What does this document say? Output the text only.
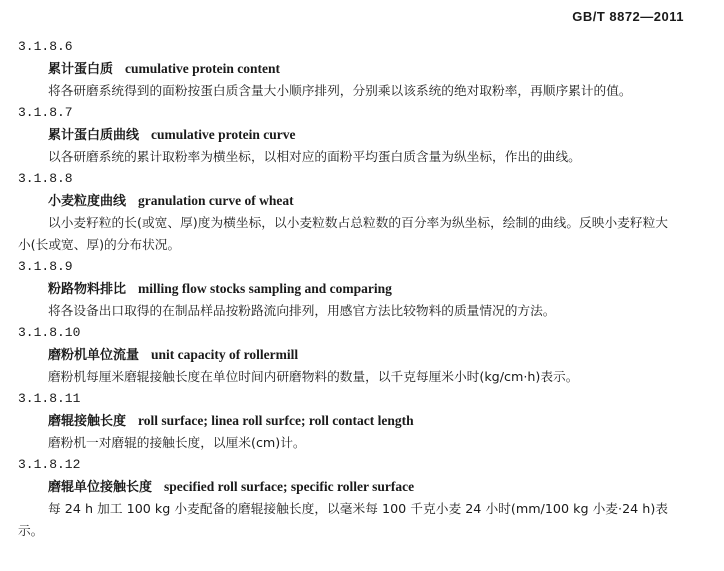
GB/T 8872—2011
3.1.8.6
累计蛋白质 cumulative protein content

将各研磨系统得到的面粉按蛋白质含量大小顺序排列，分别乘以该系统的绝对取粉率，再顺序累计的值。

3.1.8.7
累计蛋白质曲线 cumulative protein curve

以各研磨系统的累计取粉率为横坐标，以相对应的面粉平均蛋白质含量为纵坐标，作出的曲线。

3.1.8.8
小麦粒度曲线 granulation curve of wheat

以小麦籽粒的长(或宽、厚)度为横坐标，以小麦粒数占总粒数的百分率为纵坐标，绘制的曲线。反映小麦籽粒大小(长或宽、厚)的分布状况。

3.1.8.9
粉路物料排比 milling flow stocks sampling and comparing

将各设备出口取得的在制品样品按粉路流向排列，用感官方法比较物料的质量情况的方法。

3.1.8.10
磨粉机单位流量 unit capacity of rollermill

磨粉机每厘米磨辊接触长度在单位时间内研磨物料的数量，以千克每厘米小时(kg/cm·h)表示。

3.1.8.11
磨辊接触长度 roll surface; linea roll surfce; roll contact length

磨粉机一对磨辊的接触长度，以厘米(cm)计。

3.1.8.12
磨辊单位接触长度 specified roll surface; specific roller surface

每 24 h 加工 100 kg 小麦配备的磨辊接触长度，以毫米每 100 千克小麦 24 小时(mm/100 kg 小麦·24 h)表示。
